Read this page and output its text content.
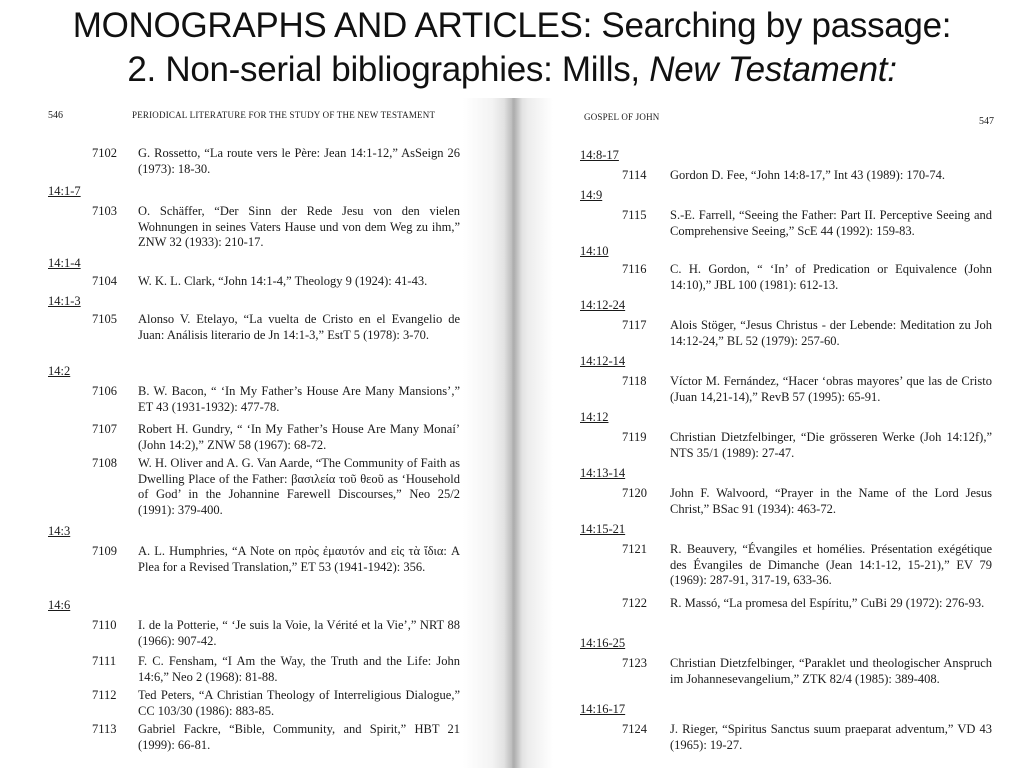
MONOGRAPHS AND ARTICLES: Searching by passage:
2. Non-serial bibliographies: Mills, New Testament:
546	PERIODICAL LITERATURE FOR THE STUDY OF THE NEW TESTAMENT
7102 G. Rossetto, “La route vers le Père: Jean 14:1-12,” AsSeign 26 (1973): 18-30.
14:1-7
7103 O. Schäffer, “Der Sinn der Rede Jesu von den vielen Wohnungen in seines Vaters Hause und von dem Weg zu ihm,” ZNW 32 (1933): 210-17.
14:1-4
7104 W. K. L. Clark, “John 14:1-4,” Theology 9 (1924): 41-43.
14:1-3
7105 Alonso V. Etelayo, “La vuelta de Cristo en el Evangelio de Juan: Análisis literario de Jn 14:1-3,” EstT 5 (1978): 3-70.
14:2
7106 B. W. Bacon, “ ‘In My Father’s House Are Many Mansions’,” ET 43 (1931-1932): 477-78.
7107 Robert H. Gundry, “ ‘In My Father’s House Are Many Monaí’ (John 14:2),” ZNW 58 (1967): 68-72.
7108 W. H. Oliver and A. G. Van Aarde, “The Community of Faith as Dwelling Place of the Father: βασιλεία τοῦ θεοῦ as ‘Household of God’ in the Johannine Farewell Discourses,” Neo 25/2 (1991): 379-400.
14:3
7109 A. L. Humphries, “A Note on πρὸς ἐμαυτόν and εἰς τὰ ἴδια: A Plea for a Revised Translation,” ET 53 (1941-1942): 356.
14:6
7110 I. de la Potterie, “ ‘Je suis la Voie, la Vérité et la Vie’,” NRT 88 (1966): 907-42.
7111 F. C. Fensham, “I Am the Way, the Truth and the Life: John 14:6,” Neo 2 (1968): 81-88.
7112 Ted Peters, “A Christian Theology of Interreligious Dialogue,” CC 103/30 (1986): 883-85.
7113 Gabriel Fackre, “Bible, Community, and Spirit,” HBT 21 (1999): 66-81.
GOSPEL OF JOHN	547
14:8-17
7114 Gordon D. Fee, “John 14:8-17,” Int 43 (1989): 170-74.
14:9
7115 S.-E. Farrell, “Seeing the Father: Part II. Perceptive Seeing and Comprehensive Seeing,” ScE 44 (1992): 159-83.
14:10
7116 C. H. Gordon, “ ‘In’ of Predication or Equivalence (John 14:10),” JBL 100 (1981): 612-13.
14:12-24
7117 Alois Stöger, “Jesus Christus - der Lebende: Meditation zu Joh 14:12-24,” BL 52 (1979): 257-60.
14:12-14
7118 Víctor M. Fernández, “Hacer ‘obras mayores’ que las de Cristo (Juan 14,21-14),” RevB 57 (1995): 65-91.
14:12
7119 Christian Dietzfelbinger, “Die grösseren Werke (Joh 14:12f),” NTS 35/1 (1989): 27-47.
14:13-14
7120 John F. Walvoord, “Prayer in the Name of the Lord Jesus Christ,” BSac 91 (1934): 463-72.
14:15-21
7121 R. Beauvery, “Évangiles et homélies. Présentation exégétique des Évangiles de Dimanche (Jean 14:1-12, 15-21),” EV 79 (1969): 287-91, 317-19, 633-36.
7122 R. Massó, “La promesa del Espíritu,” CuBi 29 (1972): 276-93.
14:16-25
7123 Christian Dietzfelbinger, “Paraklet und theologischer Anspruch im Johannesevangelium,” ZTK 82/4 (1985): 389-408.
14:16-17
7124 J. Rieger, “Spiritus Sanctus suum praeparat adventum,” VD 43 (1965): 19-27.
